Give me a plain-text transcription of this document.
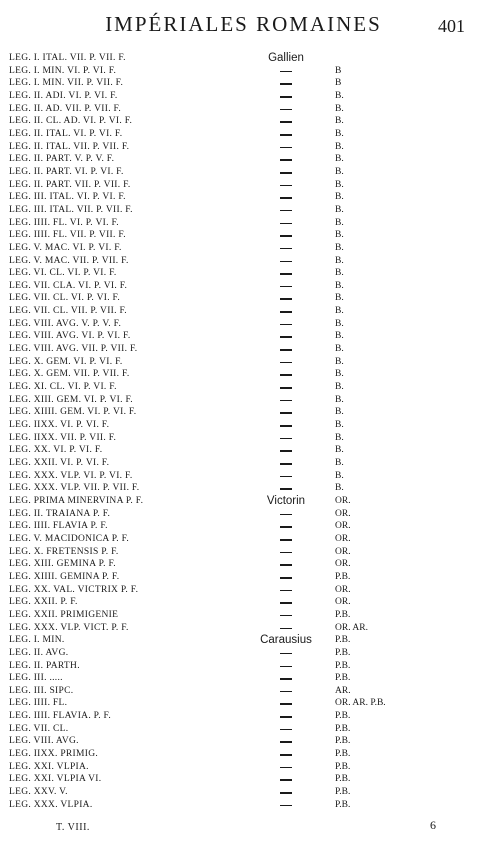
IMPÉRIALES ROMAINES	401
LEG. I. ITAL. VII. P. VII. F.	Gallien
LEG. I. MIN. VI. P. VI. F.	B
LEG. I. MIN. VII. P. VII. F.	B
LEG. II. ADI. VI. P. VI. F.	B.
LEG. II. AD. VII. P. VII. F.	B.
LEG. II. CL. AD. VI. P. VI. F.	B.
LEG. II. ITAL. VI. P. VI. F.	B.
LEG. II. ITAL. VII. P. VII. F.	B.
LEG. II. PART. V. P. V. F.	B.
LEG. II. PART. VI. P. VI. F.	B.
LEG. II. PART. VII. P. VII. F.	B.
LEG. III. ITAL. VI. P. VI. F.	B.
LEG. III. ITAL. VII. P. VII. F.	B.
LEG. IIII. FL. VI. P. VI. F.	B.
LEG. IIII. FL. VII. P. VII. F.	B.
LEG. V. MAC. VI. P. VI. F.	B.
LEG. V. MAC. VII. P. VII. F.	B.
LEG. VI. CL. VI. P. VI. F.	B.
LEG. VII. CLA. VI. P. VI. F.	B.
LEG. VII. CL. VI. P. VI. F.	B.
LEG. VII. CL. VII. P. VII. F.	B.
LEG. VIII. AVG. V. P. V. F.	B.
LEG. VIII. AVG. VI. P. VI. F.	B.
LEG. VIII. AVG. VII. P. VII. F.	B.
LEG. X. GEM. VI. P. VI. F.	B.
LEG. X. GEM. VII. P. VII. F.	B.
LEG. XI. CL. VI. P. VI. F.	B.
LEG. XIII. GEM. VI. P. VI. F.	B.
LEG. XIIII. GEM. VI. P. VI. F.	B.
LEG. IIXX. VI. P. VI. F.	B.
LEG. IIXX. VII. P. VII. F.	B.
LEG. XX. VI. P. VI. F.	B.
LEG. XXII. VI. P. VI. F.	B.
LEG. XXX. VLP. VI. P. VI. F.	B.
LEG. XXX. VLP. VII. P. VII. F.	B.
LEG. PRIMA MINERVINA P. F.	Victorin	OR.
LEG. II. TRAIANA P. F.	OR.
LEG. IIII. FLAVIA P. F.	OR.
LEG. V. MACIDONICA P. F.	OR.
LEG. X. FRETENSIS P. F.	OR.
LEG. XIII. GEMINA P. F.	OR.
LEG. XIIII. GEMINA P. F.	P.B.
LEG. XX. VAL. VICTRIX P. F.	OR.
LEG. XXII. P. F.	OR.
LEG. XXII. PRIMIGENIE	P.B.
LEG. XXX. VLP. VICT. P. F.	OR. AR.
LEG. I. MIN.	Carausius	P.B.
LEG. II. AVG.	P.B.
LEG. II. PARTH.	P.B.
LEG. III. .....	P.B.
LEG. III. SIPC.	AR.
LEG. IIII. FL.	OR. AR. P.B.
LEG. IIII. FLAVIA. P. F.	P.B.
LEG. VII. CL.	P.B.
LEG. VIII. AVG.	P.B.
LEG. IIXX. PRIMIG.	P.B.
LEG. XXI. VLPIA.	P.B.
LEG. XXI. VLPIA VI.	P.B.
LEG. XXV. V.	P.B.
LEG. XXX. VLPIA.	P.B.
T. VIII.	6
